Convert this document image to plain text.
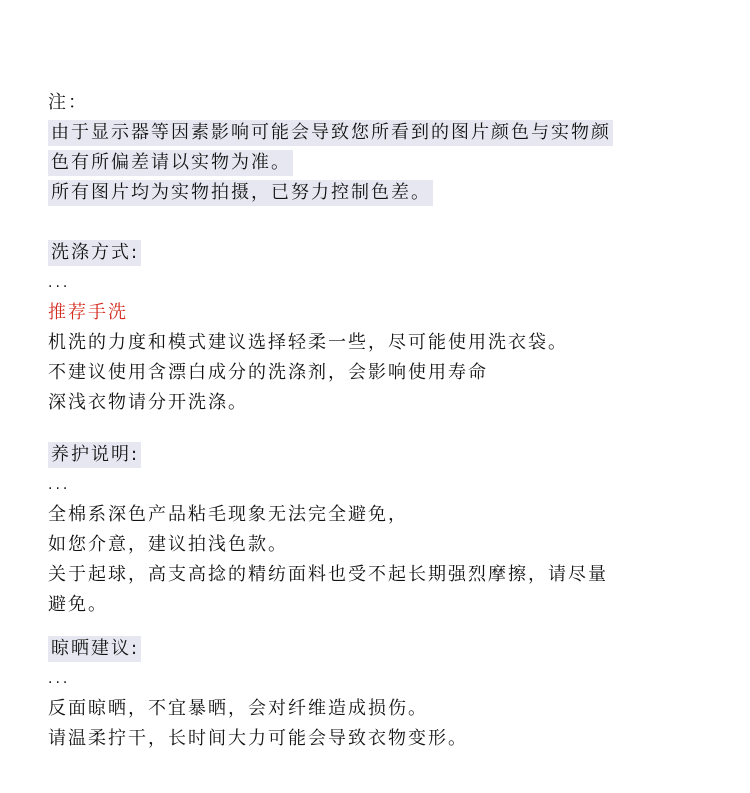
注：
由于显示器等因素影响可能会导致您所看到的图片颜色与实物颜
色有所偏差请以实物为准。
所有图片均为实物拍摄，已努力控制色差。
洗涤方式:
...
推荐手洗
机洗的力度和模式建议选择轻柔一些，尽可能使用洗衣袋。
不建议使用含漂白成分的洗涤剂，会影响使用寿命
深浅衣物请分开洗涤。
养护说明:
...
全棉系深色产品粘毛现象无法完全避免，
如您介意，建议拍浅色款。
关于起球，高支高捻的精纺面料也受不起长期强烈摩擦，请尽量
避免。
晾晒建议:
...
反面晾晒，不宜暴晒，会对纤维造成损伤。
请温柔拧干，长时间大力可能会导致衣物变形。
